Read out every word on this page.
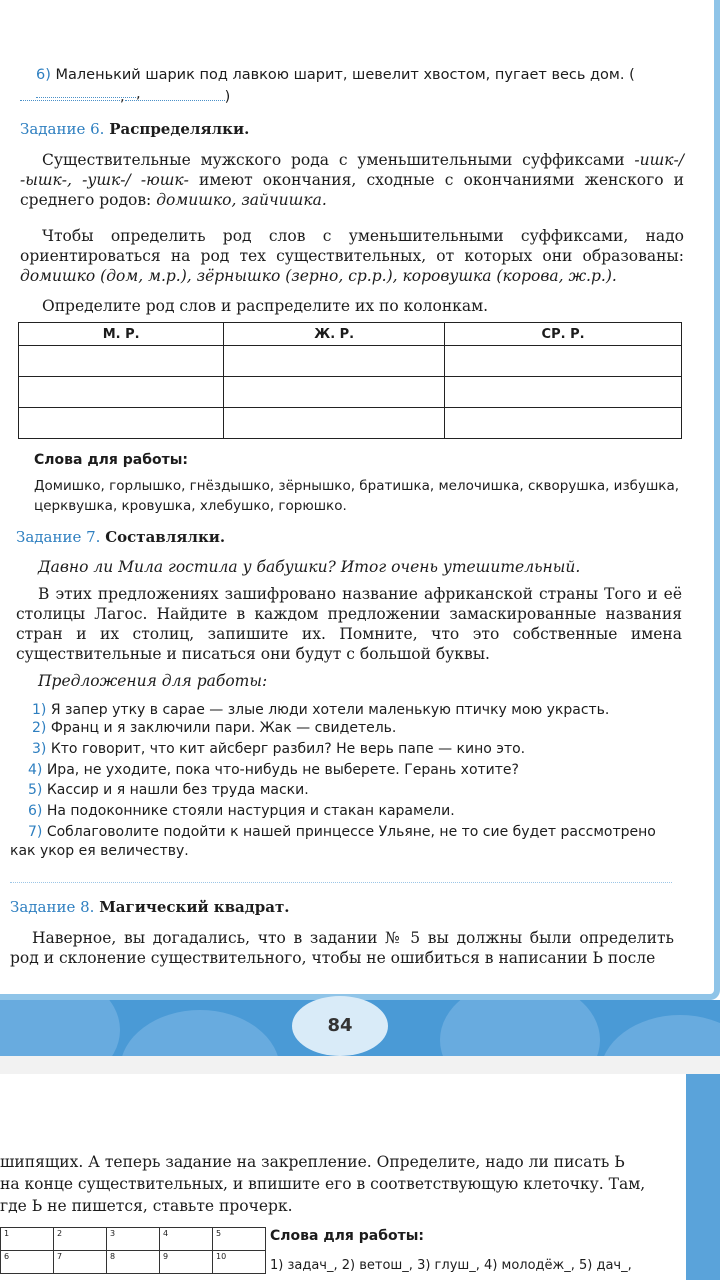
6) Маленький шарик под лавкою шарит, шевелит хвостом, пугает весь дом. (,
,	)
Задание 6. Распределялки.
Существительные мужского рода с уменьшительными суффиксами -ишк-/ -ышк-, -ушк-/ -юшк- имеют окончания, сходные с окончаниями женского и среднего родов: домишко, зайчишка.
Чтобы определить род слов с уменьшительными суффиксами, надо ориентироваться на род тех существительных, от которых они образованы: домишко (дом, м.р.), зёрнышко (зерно, ср.р.), коровушка (корова, ж.р.).
Определите род слов и распределите их по колонкам.
М. Р.	Ж. Р.	СР. Р.

Слова для работы:
Домишко, горлышко, гнёздышко, зёрнышко, братишка, мелочишка, скворушка, избушка, церквушка, кровушка, хлебушко, горюшко.
Задание 7. Составлялки.
Давно ли Мила гостила у бабушки? Итог очень утешительный.
В этих предложениях зашифровано название африканской страны Того и её столицы Лагос. Найдите в каждом предложении замаскированные названия стран и их столиц, запишите их. Помните, что это собственные имена существительные и писаться они будут с большой буквы.
Предложения для работы:
1) Я запер утку в сарае — злые люди хотели маленькую птичку мою украсть.
2) Франц и я заключили пари. Жак — свидетель.
3) Кто говорит, что кит айсберг разбил? Не верь папе — кино это.
4) Ира, не уходите, пока что-нибудь не выберете. Герань хотите?
5) Кассир и я нашли без труда маски.
6) На подоконнике стояли настурция и стакан карамели.
7) Соблаговолите подойти к нашей принцессе Ульяне, не то сие будет рассмотрено как укор ея величеству.
Задание 8. Магический квадрат.
Наверное, вы догадались, что в задании № 5 вы должны были определить род и склонение существительного, чтобы не ошибиться в написании Ь после
84
шипящих. А теперь задание на закрепление. Определите, надо ли писать Ь
на конце существительных, и впишите его в соответствующую клеточку. Там,
где Ь не пишется, ставьте прочерк.
1	2	3	4	5
6	7	8	9	10
Слова для работы:
1) задач_, 2) ветош_, 3) глуш_, 4) молодёж_, 5) дач_,
